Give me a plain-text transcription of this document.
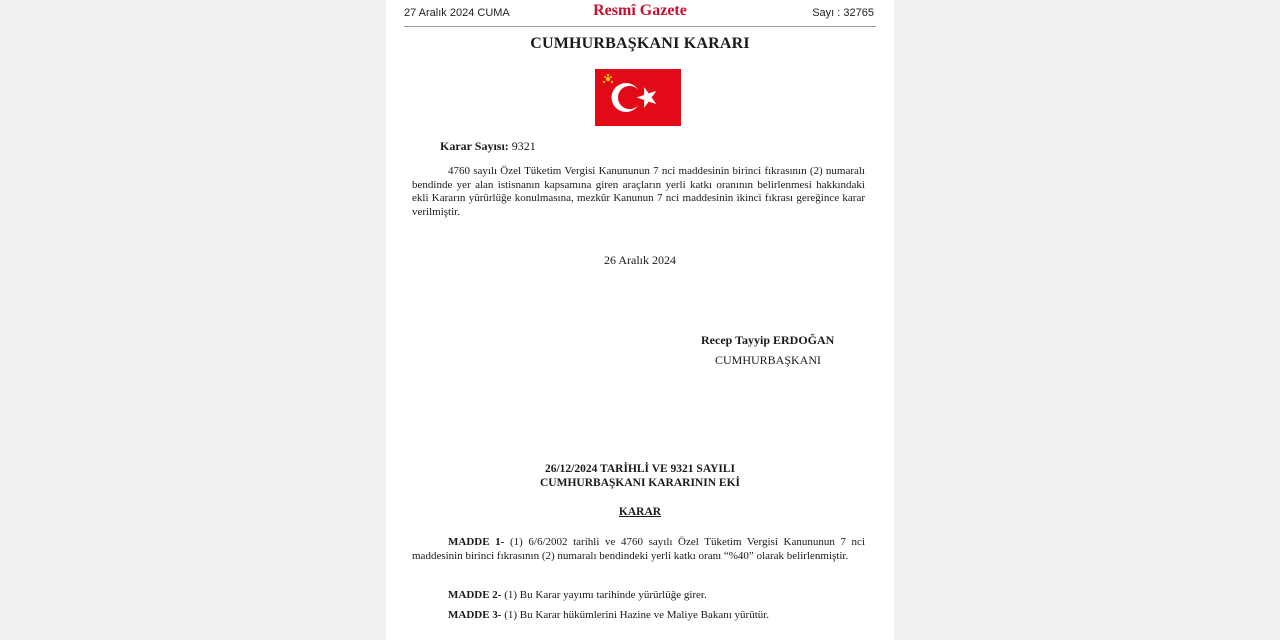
27 Aralık 2024 CUMA	Resmî Gazete	Sayı : 32765
CUMHURBAŞKANI KARARI
Karar Sayısı: 9321

4760 sayılı Özel Tüketim Vergisi Kanununun 7 nci maddesinin birinci fıkrasının (2) numaralı bendinde yer alan istisnanın kapsamına giren araçların yerli katkı oranının belirlenmesi hakkındaki ekli Kararın yürürlüğe konulmasına, mezkûr Kanunun 7 nci maddesinin ikinci fıkrası gereğince karar verilmiştir.

26 Aralık 2024
Recep Tayyip ERDOĞAN
CUMHURBAŞKANI
26/12/2024 TARİHLİ VE 9321 SAYILI
CUMHURBAŞKANI KARARININ EKİ
KARAR

MADDE 1- (1) 6/6/2002 tarihli ve 4760 sayılı Özel Tüketim Vergisi Kanununun 7 nci maddesinin birinci fıkrasının (2) numaralı bendindeki yerli katkı oranı “%40” olarak belirlenmiştir.

MADDE 2- (1) Bu Karar yayımı tarihinde yürürlüğe girer.

MADDE 3- (1) Bu Karar hükümlerini Hazine ve Maliye Bakanı yürütür.
